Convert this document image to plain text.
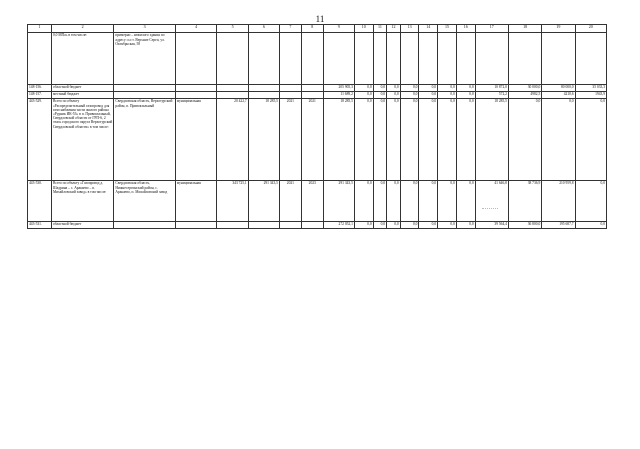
11
1	2	3	4	5	6	7	8	9	10	11	12	13	14	15	16	17	18	19	20
	0,0 МПа» в том числе:	примерно – нежилого здания по адресу: п.г.т. Верхние Серги, ул. Октябрьская, 58																	
148-156.	областной бюджет							205 905,3	0,0	0,0	0,0	0,0	0,0	0,0	0,0	10 872,0	30 000,0	80 000,0	35 033,3
148-157.	местный бюджет							11 689,2	0,0	0,0	0,0	0,0	0,0	0,0	0,0	572,2	4982,5	4210,6	1943,9
443-529.	Всего по объекту «Распределительный газопровод для газоснабжения части жилого района «Рудник ИК-53» в п. Привокзальный, Свердловской области от ГРП-6, 2 этап» городского округа Верхотурский Свердловской области» в том числе:	Свердловская область, Верхотурский район, п. Привокзальный	муниципальная	20 422,7	18 285,5	2021	2021	18 285,5	0,0	0,0	0,0	0,0	0,0	0,0	0,0	18 285,5	0,0	0,0	0,0
443-530.	Всего по объекту «Газопровод д. Шадрина – с. Аракаево – п. Михайловский завод» в том числе:	Свердловская область, Нижнесергинский район, с. Аракаево, п. Михайловский завод	муниципальная	343 725,1	291 343,5	2021	2023	291 343,5	0,0	0,0	0,0	0,0	0,0	0,0	0,0	41 646,8	38 736,9	210 959,8	0,0
443-531.	областной бюджет							272 052,1	0,0	0,0	0,0	0,0	0,0	0,0	0,0	39 564,4	36 800,0	195 687,7	0,0
